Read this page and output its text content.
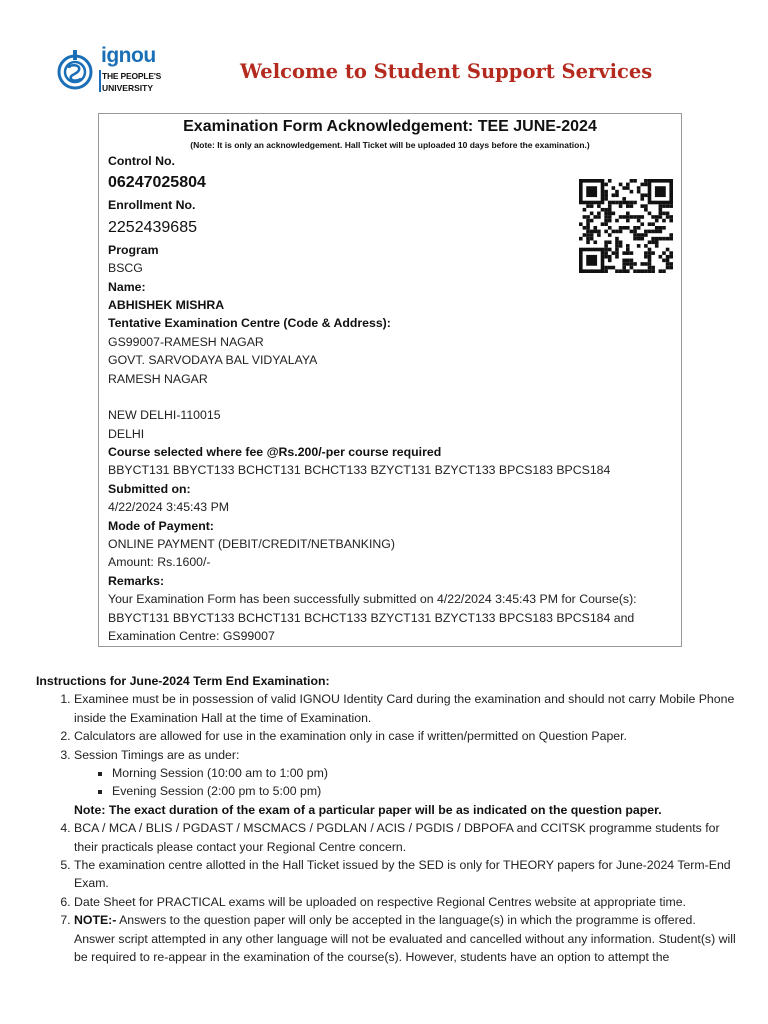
ignou
THE PEOPLE'S
UNIVERSITY
Welcome to Student Support Services
Examination Form Acknowledgement: TEE JUNE-2024
(Note: It is only an acknowledgement. Hall Ticket will be uploaded 10 days before the examination.)
Control No.
06247025804
Enrollment No.
2252439685
Program
BSCG
Name:
ABHISHEK MISHRA
Tentative Examination Centre (Code & Address):
GS99007-RAMESH NAGAR
GOVT. SARVODAYA BAL VIDYALAYA
RAMESH NAGAR
NEW DELHI-110015
DELHI
Course selected where fee @Rs.200/-per course required
BBYCT131 BBYCT133 BCHCT131 BCHCT133 BZYCT131 BZYCT133 BPCS183 BPCS184
Submitted on:
4/22/2024 3:45:43 PM
Mode of Payment:
ONLINE PAYMENT (DEBIT/CREDIT/NETBANKING)
Amount: Rs.1600/-
Remarks:
Your Examination Form has been successfully submitted on 4/22/2024 3:45:43 PM for Course(s):
BBYCT131 BBYCT133 BCHCT131 BCHCT133 BZYCT131 BZYCT133 BPCS183 BPCS184 and
Examination Centre: GS99007
Instructions for June-2024 Term End Examination:
1. Examinee must be in possession of valid IGNOU Identity Card during the examination and should not carry Mobile Phone inside the Examination Hall at the time of Examination.
2. Calculators are allowed for use in the examination only in case if written/permitted on Question Paper.
3. Session Timings are as under:
▪ Morning Session (10:00 am to 1:00 pm)
▪ Evening Session (2:00 pm to 5:00 pm)
Note: The exact duration of the exam of a particular paper will be as indicated on the question paper.
4. BCA / MCA / BLIS / PGDAST / MSCMACS / PGDLAN / ACIS / PGDIS / DBPOFA and CCITSK programme students for their practicals please contact your Regional Centre concern.
5. The examination centre allotted in the Hall Ticket issued by the SED is only for THEORY papers for June-2024 Term-End Exam.
6. Date Sheet for PRACTICAL exams will be uploaded on respective Regional Centres website at appropriate time.
7. NOTE:- Answers to the question paper will only be accepted in the language(s) in which the programme is offered. Answer script attempted in any other language will not be evaluated and cancelled without any information. Student(s) will be required to re-appear in the examination of the course(s). However, students have an option to attempt the
